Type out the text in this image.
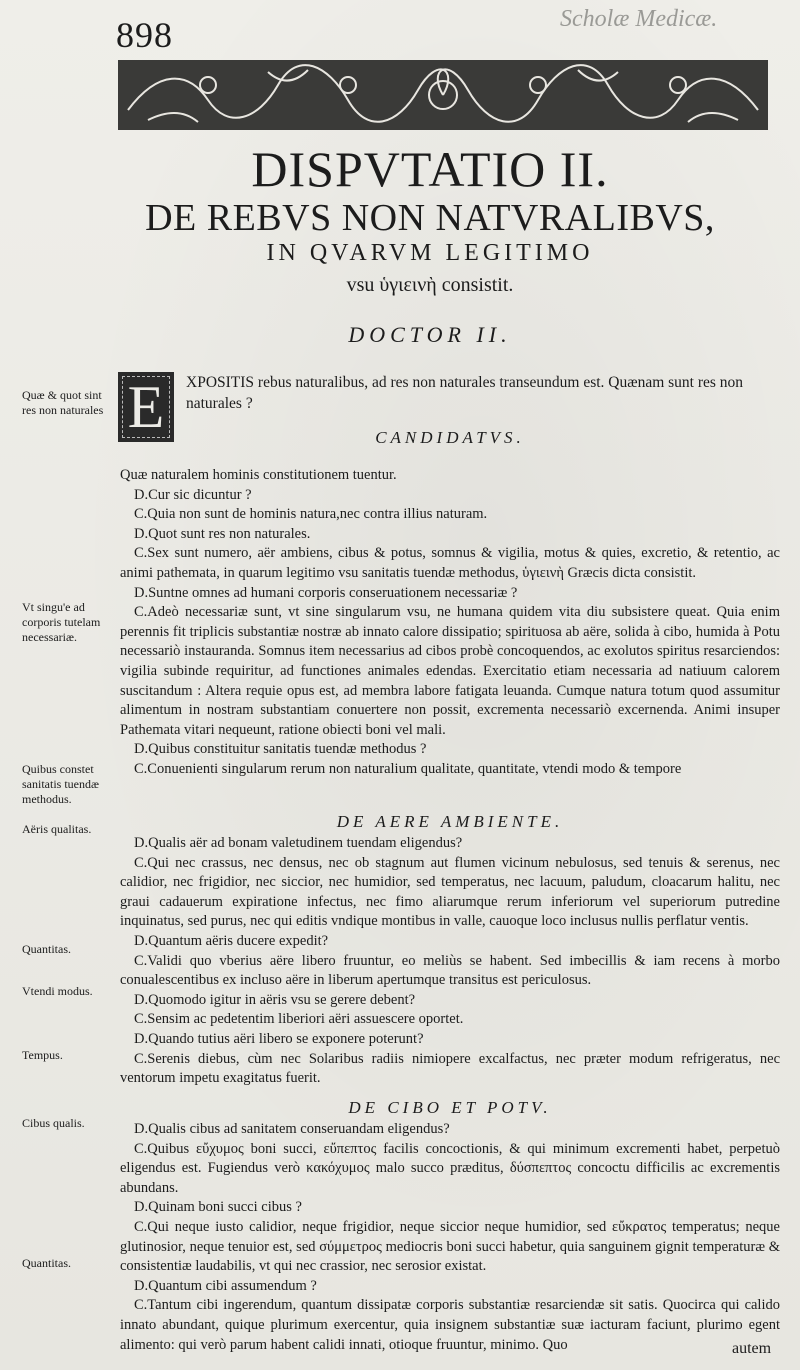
898	Scholæ Medicæ.
DISPVTATIO II.
DE REBVS NON NATVRALIBVS,
IN QVARVM LEGITIMO
vsu ὑγιεινὴ consistit.
DOCTOR II.
E	XPOSITIS rebus naturalibus, ad res non naturales transeundum est. Quænam sunt res non naturales ?
CANDIDATVS.
Quæ & quot sint res non naturales
Vt singu'e ad corporis tutelam necessariæ.
Quibus constet sanitatis tuendæ methodus.
Aëris qualitas.
Quantitas.
Vtendi modus.
Tempus.
Cibus qualis.
Quantitas.

Quæ naturalem hominis constitutionem tuentur.

D.Cur sic dicuntur ?

C.Quia non sunt de hominis natura,nec contra illius naturam.

D.Quot sunt res non naturales.

C.Sex sunt numero, aër ambiens, cibus & potus, somnus & vigilia, motus & quies, excretio, & retentio, ac animi pathemata, in quarum legitimo vsu sanitatis tuendæ methodus, ὑγιεινὴ Græcis dicta consistit.

D.Suntne omnes ad humani corporis conseruationem necessariæ ?

C.Adeò necessariæ sunt, vt sine singularum vsu, ne humana quidem vita diu subsistere queat. Quia enim perennis fit triplicis substantiæ nostræ ab innato calore dissipatio; spirituosa ab aëre, solida à cibo, humida à Potu necessariò instauranda. Somnus item necessarius ad cibos probè concoquendos, ac exolutos spiritus resarciendos: vigilia subinde requiritur, ad functiones animales edendas. Exercitatio etiam necessaria ad natiuum calorem suscitandum : Altera requie opus est, ad membra labore fatigata leuanda. Cumque natura totum quod assumitur alimentum in nostram substantiam conuertere non possit, excrementa necessariò excernenda. Animi insuper Pathemata vitari nequeunt, ratione obiecti boni vel mali.

D.Quibus constituitur sanitatis tuendæ methodus ?

C.Conuenienti singularum rerum non naturalium qualitate, quantitate, vtendi modo & tempore

DE AERE AMBIENTE.

D.Qualis aër ad bonam valetudinem tuendam eligendus?

C.Qui nec crassus, nec densus, nec ob stagnum aut flumen vicinum nebulosus, sed tenuis & serenus, nec calidior, nec frigidior, nec siccior, nec humidior, sed temperatus, nec lacuum, paludum, cloacarum halitu, nec graui cadauerum expiratione infectus, nec fimo aliarumque rerum inferiorum vel superiorum putredine inquinatus, sed purus, nec qui editis vndique montibus in valle, cauoque loco inclusus nullis perflatur ventis.

D.Quantum aëris ducere expedit?

C.Validi quo vberius aëre libero fruuntur, eo meliùs se habent. Sed imbecillis & iam recens à morbo conualescentibus ex incluso aëre in liberum apertumque transitus est periculosus.

D.Quomodo igitur in aëris vsu se gerere debent?

C.Sensim ac pedetentim liberiori aëri assuescere oportet.

D.Quando tutius aëri libero se exponere poterunt?

C.Serenis diebus, cùm nec Solaribus radiis nimiopere excalfactus, nec præter modum refrigeratus, nec ventorum impetu exagitatus fuerit.

DE CIBO ET POTV.

D.Qualis cibus ad sanitatem conseruandam eligendus?

C.Quibus εὔχυμος boni succi, εὔπεπτος facilis concoctionis, & qui minimum excrementi habet, perpetuò eligendus est. Fugiendus verò κακόχυμος malo succo præditus, δύσπεπτος concoctu difficilis ac excrementis abundans.

D.Quinam boni succi cibus ?

C.Qui neque iusto calidior, neque frigidior, neque siccior neque humidior, sed εὔκρατος temperatus; neque glutinosior, neque tenuior est, sed σύμμετρος mediocris boni succi habetur, quia sanguinem gignit temperaturæ & consistentiæ laudabilis, vt qui nec crassior, nec serosior existat.

D.Quantum cibi assumendum ?

C.Tantum cibi ingerendum, quantum dissipatæ corporis substantiæ resarciendæ sit satis. Quocirca qui calido innato abundant, quique plurimum exercentur, quia insignem substantiæ suæ iacturam faciunt, plurimo egent alimento: qui verò parum habent calidi innati, otioque fruuntur, minimo. Quo	autem
